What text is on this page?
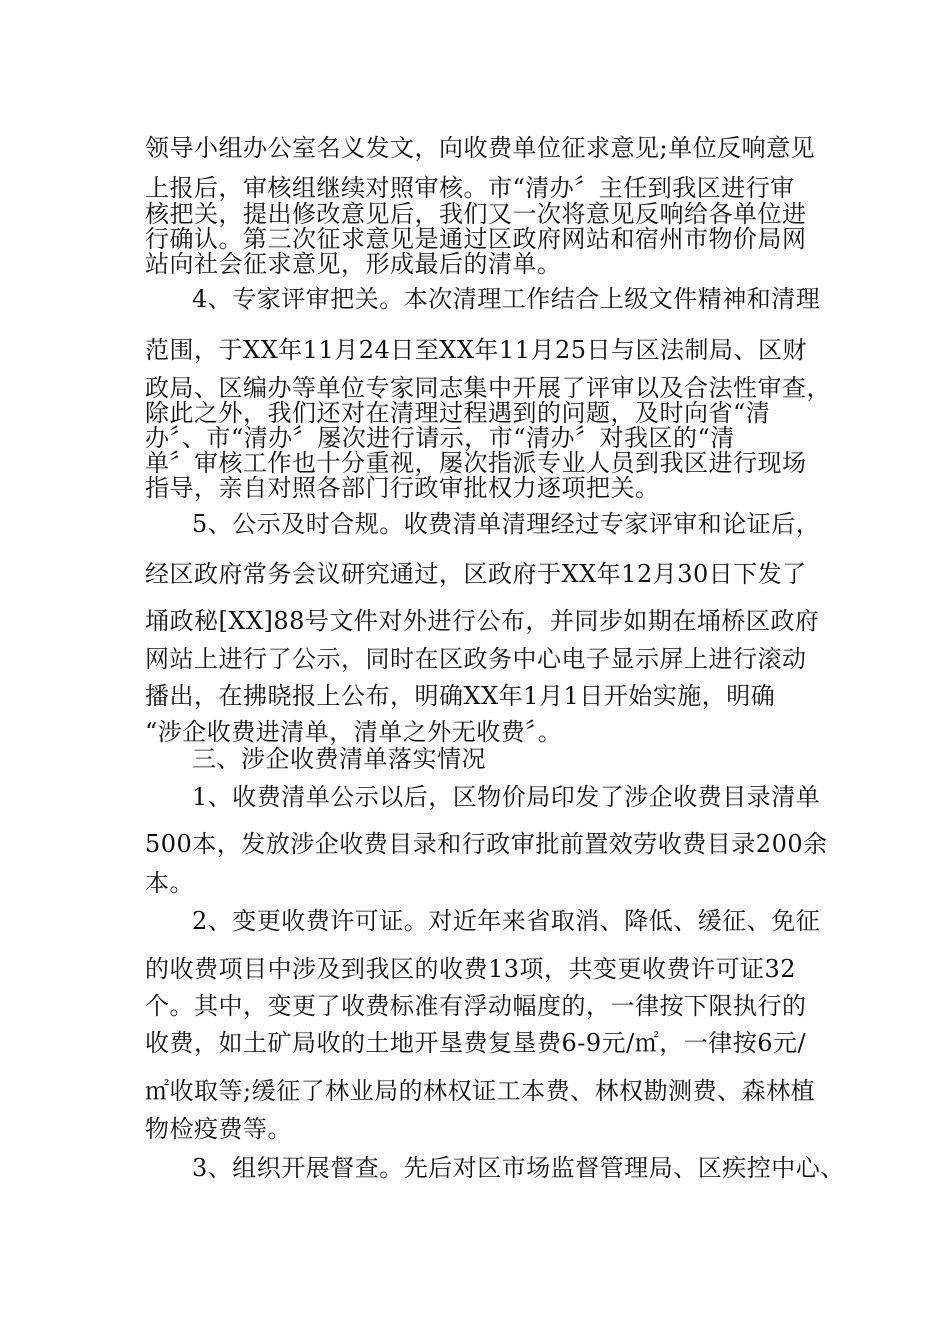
领导小组办公室名义发文，向收费单位征求意见;单位反响意见
上报后，审核组继续对照审核。市“清办〞主任到我区进行审
核把关，提出修改意见后，我们又一次将意见反响给各单位进
行确认。第三次征求意见是通过区政府网站和宿州市物价局网
站向社会征求意见，形成最后的清单。
4、专家评审把关。本次清理工作结合上级文件精神和清理
范围，于XX年11月24日至XX年11月25日与区法制局、区财
政局、区编办等单位专家同志集中开展了评审以及合法性审查，
除此之外，我们还对在清理过程遇到的问题，及时向省“清
办〞、市“清办〞屡次进行请示，市“清办〞对我区的“清
单〞审核工作也十分重视，屡次指派专业人员到我区进行现场
指导，亲自对照各部门行政审批权力逐项把关。
5、公示及时合规。收费清单清理经过专家评审和论证后，
经区政府常务会议研究通过，区政府于XX年12月30日下发了
埇政秘[XX]88号文件对外进行公布，并同步如期在埇桥区政府
网站上进行了公示，同时在区政务中心电子显示屏上进行滚动
播出，在拂晓报上公布，明确XX年1月1日开始实施，明确
“涉企收费进清单，清单之外无收费〞。
三、涉企收费清单落实情况
1、收费清单公示以后，区物价局印发了涉企收费目录清单
500本，发放涉企收费目录和行政审批前置效劳收费目录200余
本。
2、变更收费许可证。对近年来省取消、降低、缓征、免征
的收费项目中涉及到我区的收费13项，共变更收费许可证32
个。其中，变更了收费标准有浮动幅度的，一律按下限执行的
收费，如土矿局收的土地开垦费复垦费6-9元/㎡，一律按6元/
㎡收取等;缓征了林业局的林权证工本费、林权勘测费、森林植
物检疫费等。
3、组织开展督查。先后对区市场监督管理局、区疾控中心、
